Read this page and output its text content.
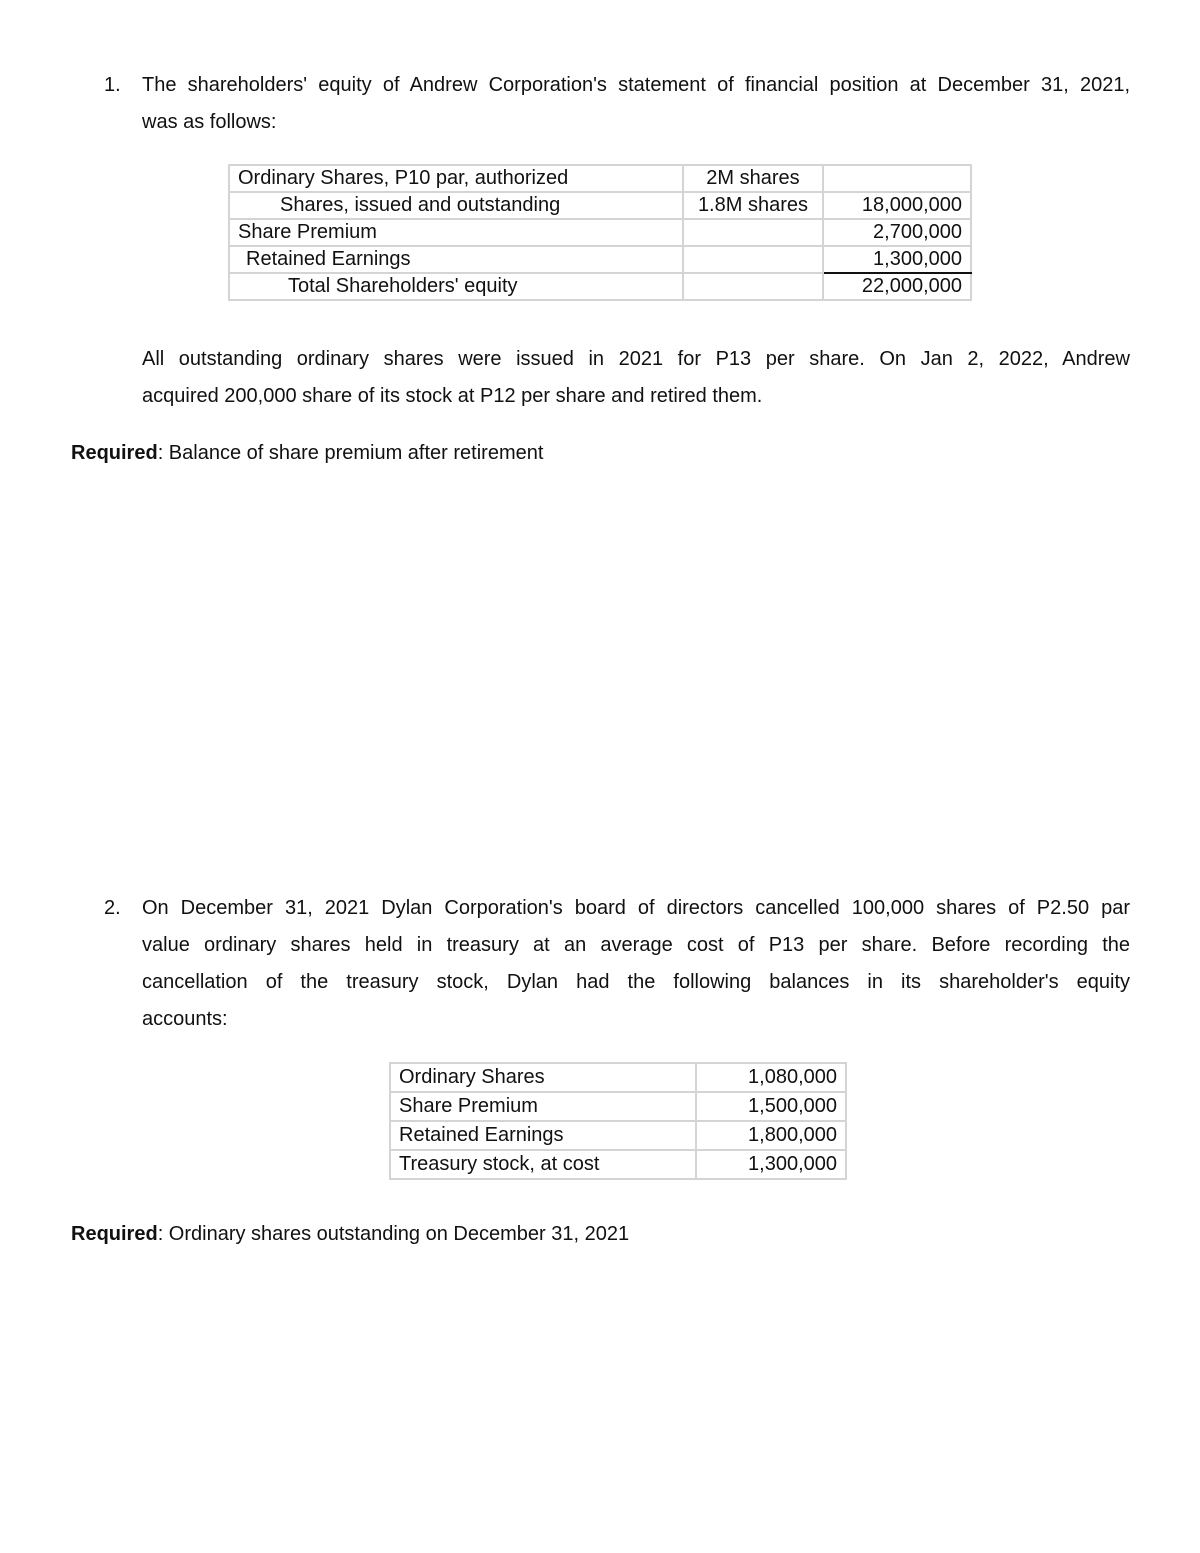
1. The shareholders' equity of Andrew Corporation's statement of financial position at December 31, 2021,

was as follows:

Ordinary Shares, P10 par, authorized	2M shares	
Shares, issued and outstanding	1.8M shares	18,000,000
Share Premium		2,700,000
Retained Earnings		1,300,000
Total Shareholders' equity		22,000,000

All outstanding ordinary shares were issued in 2021 for P13 per share. On Jan 2, 2022, Andrew

acquired 200,000 share of its stock at P12 per share and retired them.

Required: Balance of share premium after retirement

2. On December 31, 2021 Dylan Corporation's board of directors cancelled 100,000 shares of P2.50 par

value ordinary shares held in treasury at an average cost of P13 per share. Before recording the

cancellation of the treasury stock, Dylan had the following balances in its shareholder's equity

accounts:

Ordinary Shares	1,080,000
Share Premium	1,500,000
Retained Earnings	1,800,000
Treasury stock, at cost	1,300,000

Required: Ordinary shares outstanding on December 31, 2021
